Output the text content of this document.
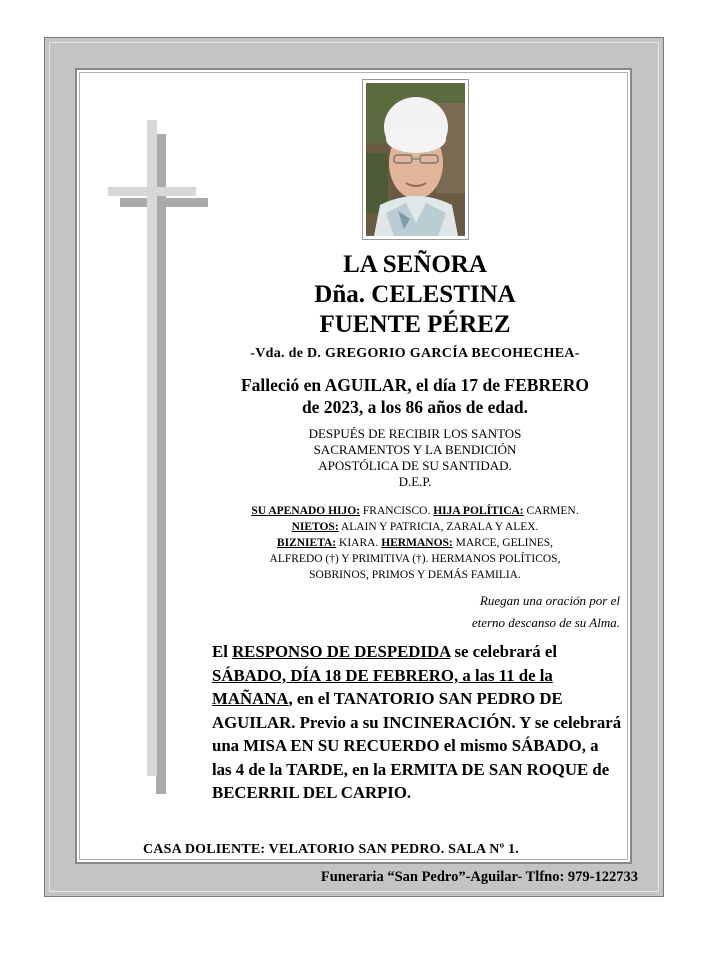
LA SEÑORA
Dña. CELESTINA
FUENTE PÉREZ
-Vda. de D. GREGORIO GARCÍA BECOHECHEA-
Falleció en AGUILAR, el día 17 de FEBRERO
de 2023, a los 86 años de edad.
DESPUÉS DE RECIBIR LOS SANTOS
SACRAMENTOS Y LA BENDICIÓN
APOSTÓLICA DE SU SANTIDAD.
D.E.P.
SU APENADO HIJO: FRANCISCO. HIJA POLÍTICA: CARMEN.
NIETOS: ALAIN Y PATRICIA, ZARALA Y ALEX.
BIZNIETA: KIARA. HERMANOS: MARCE, GELINES,
ALFREDO (†) Y PRIMITIVA (†). HERMANOS POLÍTICOS,
SOBRINOS, PRIMOS Y DEMÁS FAMILIA.
Ruegan una oración por el
eterno descanso de su Alma.
El RESPONSO DE DESPEDIDA se celebrará el SÁBADO, DÍA 18 DE FEBRERO, a las 11 de la MAÑANA, en el TANATORIO SAN PEDRO DE AGUILAR. Previo a su INCINERACIÓN. Y se celebrará una MISA EN SU RECUERDO el mismo SÁBADO, a las 4 de la TARDE, en la ERMITA DE SAN ROQUE de BECERRIL DEL CARPIO.
CASA DOLIENTE: VELATORIO SAN PEDRO. SALA Nº 1.
Funeraria “San Pedro”-Aguilar- Tlfno: 979-122733
